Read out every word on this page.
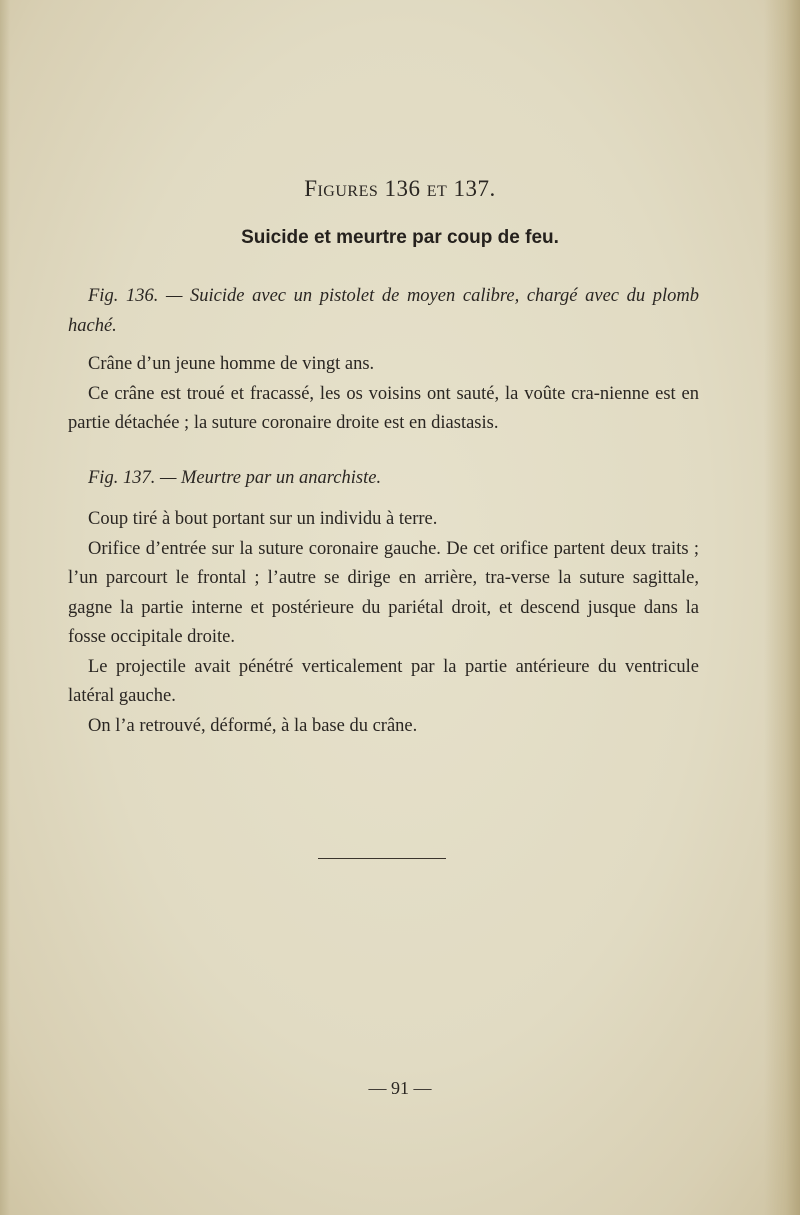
Figures 136 et 137.
Suicide et meurtre par coup de feu.

Fig. 136. — Suicide avec un pistolet de moyen calibre, chargé avec du plomb haché.

Crâne d’un jeune homme de vingt ans.

Ce crâne est troué et fracassé, les os voisins ont sauté, la voûte cra-nienne est en partie détachée ; la suture coronaire droite est en diastasis.

Fig. 137. — Meurtre par un anarchiste.

Coup tiré à bout portant sur un individu à terre.

Orifice d’entrée sur la suture coronaire gauche. De cet orifice partent deux traits ; l’un parcourt le frontal ; l’autre se dirige en arrière, tra-verse la suture sagittale, gagne la partie interne et postérieure du pariétal droit, et descend jusque dans la fosse occipitale droite.

Le projectile avait pénétré verticalement par la partie antérieure du ventricule latéral gauche.

On l’a retrouvé, déformé, à la base du crâne.

— 91 —
